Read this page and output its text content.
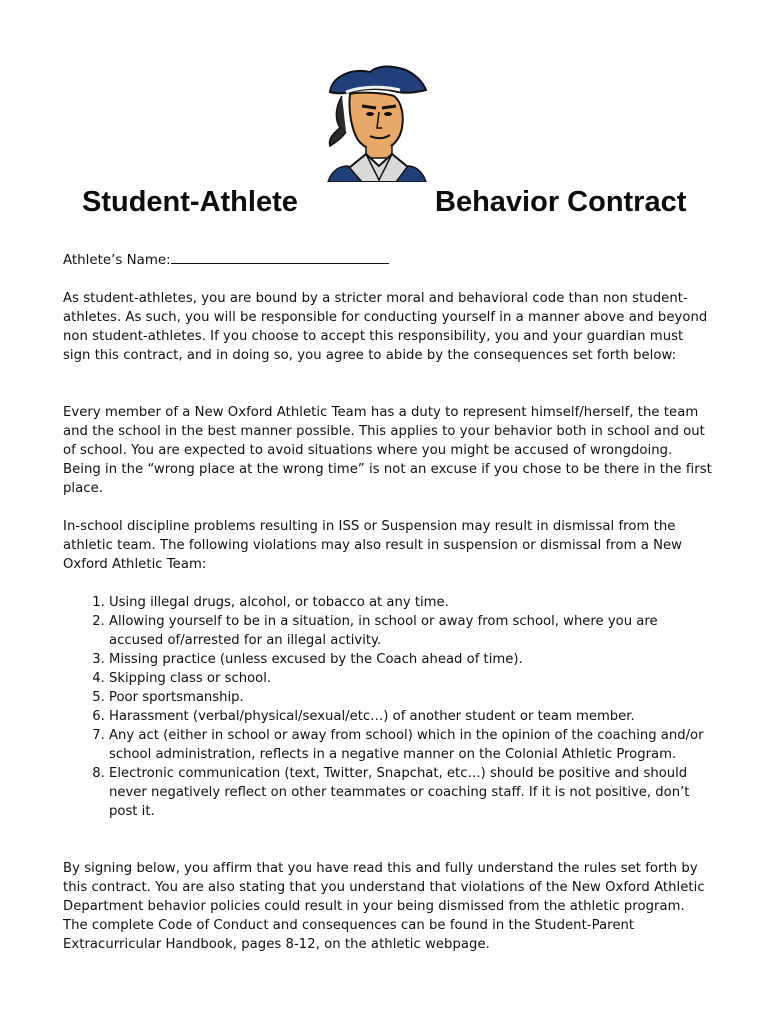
Student-Athlete	Behavior Contract
Athlete’s Name:

As student-athletes, you are bound by a stricter moral and behavioral code than non student-athletes. As such, you will be responsible for conducting yourself in a manner above and beyond non student-athletes. If you choose to accept this responsibility, you and your guardian must sign this contract, and in doing so, you agree to abide by the consequences set forth below:

Every member of a New Oxford Athletic Team has a duty to represent himself/herself, the team and the school in the best manner possible. This applies to your behavior both in school and out of school. You are expected to avoid situations where you might be accused of wrongdoing. Being in the “wrong place at the wrong time” is not an excuse if you chose to be there in the first place.

In-school discipline problems resulting in ISS or Suspension may result in dismissal from the athletic team. The following violations may also result in suspension or dismissal from a New Oxford Athletic Team:

1. Using illegal drugs, alcohol, or tobacco at any time.
2. Allowing yourself to be in a situation, in school or away from school, where you are accused of/arrested for an illegal activity.
3. Missing practice (unless excused by the Coach ahead of time).
4. Skipping class or school.
5. Poor sportsmanship.
6. Harassment (verbal/physical/sexual/etc…) of another student or team member.
7. Any act (either in school or away from school) which in the opinion of the coaching and/or school administration, reflects in a negative manner on the Colonial Athletic Program.
8. Electronic communication (text, Twitter, Snapchat, etc…) should be positive and should never negatively reflect on other teammates or coaching staff. If it is not positive, don’t post it.

By signing below, you affirm that you have read this and fully understand the rules set forth by this contract. You are also stating that you understand that violations of the New Oxford Athletic Department behavior policies could result in your being dismissed from the athletic program. The complete Code of Conduct and consequences can be found in the Student-Parent Extracurricular Handbook, pages 8-12, on the athletic webpage.
